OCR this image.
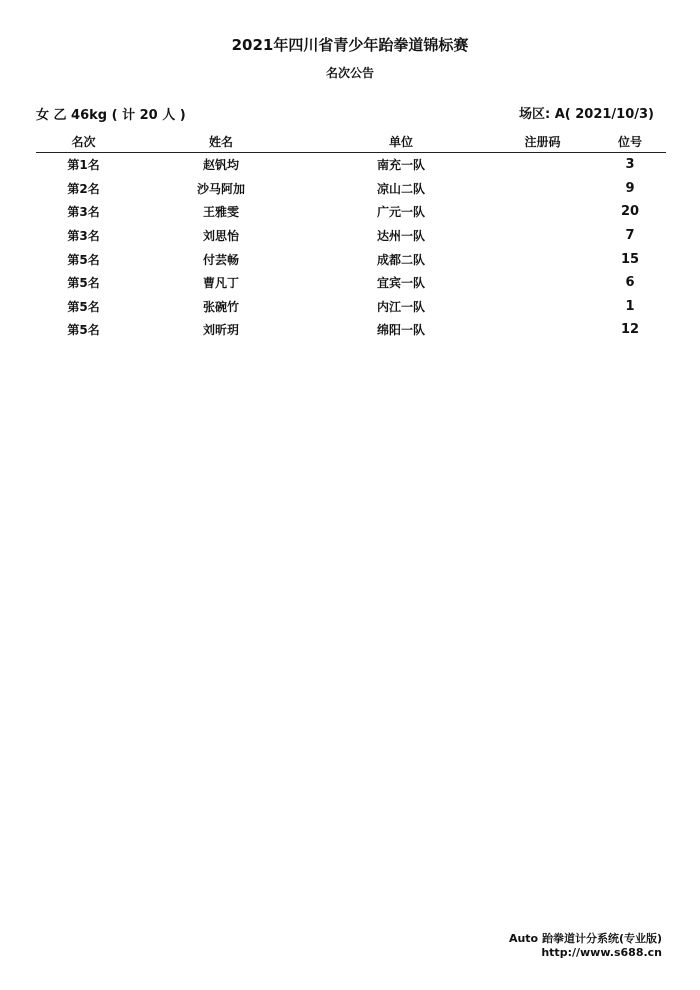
2021年四川省青少年跆拳道锦标赛
名次公告
女 乙 46kg ( 计 20 人 )	场区: A( 2021/10/3)
名次	姓名	单位	注册码	位号
第1名	赵钒均	南充一队		3
第2名	沙马阿加	凉山二队		9
第3名	王雅雯	广元一队		20
第3名	刘思怡	达州一队		7
第5名	付芸畅	成都二队		15
第5名	曹凡丁	宜宾一队		6
第5名	张碗竹	内江一队		1
第5名	刘昕玥	绵阳一队		12
Auto 跆拳道计分系统(专业版)
http://www.s688.cn
